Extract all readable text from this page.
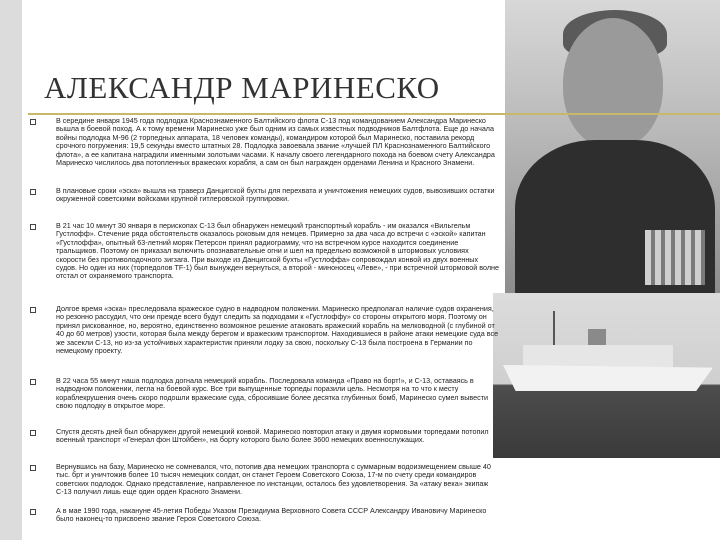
АЛЕКСАНДР МАРИНЕСКО
В середине января 1945 года подлодка Краснознаменного Балтийского флота С-13 под командованием Александра Маринеско вышла в боевой поход. А к тому времени Маринеско уже был одним из самых известных подводников Балтфлота. Еще до начала войны подлодка М-96 (2 торпедных аппарата, 18 человек команды), командиром которой был Маринеско, поставила рекорд срочного погружения: 19,5 секунды вместо штатных 28. Подлодка завоевала звание «лучшей ПЛ Краснознаменного Балтийского флота», а ее капитана наградили именными золотыми часами. К началу своего легендарного похода на боевом счету Александра Маринеско числилось два потопленных вражеских корабля, а сам он был награжден орденами Ленина и Красного Знамени.
В плановые сроки «эска» вышла на траверз Данцигской бухты для перехвата и уничтожения немецких судов, вывозивших остатки окруженной советскими войсками крупной гитлеровской группировки.
В 21 час 10 минут 30 января в перископах С-13 был обнаружен немецкий транспортный корабль - им оказался «Вильгельм Густлофф». Стечение ряда обстоятельств оказалось роковым для немцев. Примерно за два часа до встречи с «эской» капитан «Густлоффа», опытный 63-летний моряк Петерсон принял радиограмму, что на встречном курсе находится соединение тральщиков. Поэтому он приказал включить опознавательные огни и шел на предельно возможной в штормовых условиях скорости без противолодочного зигзага. При выходе из Данцигской бухты «Густлоффа» сопровождал конвой из двух военных судов. Но один из них (торпедолов TF-1) был вынужден вернуться, а второй - миноносец «Леве», - при встречной штормовой волне отстал от охраняемого транспорта.
Долгое время «эска» преследовала вражеское судно в надводном положении. Маринеско предполагал наличие судов охранения, но резонно рассудил, что они прежде всего будут следить за подходами к «Густлоффу» со стороны открытого моря. Поэтому он принял рискованное, но, вероятно, единственно возможное решение атаковать вражеский корабль на мелководной (с глубиной от 40 до 60 метров) узости, которая была между берегом и вражеским транспортом. Находившиеся в районе атаки немецкие суда все же засекли С-13, но из-за устойчивых характеристик приняли лодку за свою, поскольку С-13 была построена в Германии по немецкому проекту.
В 22 часа 55 минут наша подлодка догнала немецкий корабль. Последовала команда «Право на борт!», и С-13, оставаясь в надводном положении, легла на боевой курс. Все три выпущенные торпеды поразили цель. Несмотря на то что к месту кораблекрушения очень скоро подошли вражеские суда, сбросившие более десятка глубинных бомб, Маринеско сумел вывести свою подлодку в открытое море.
Спустя десять дней был обнаружен другой немецкий конвой. Маринеско повторил атаку и двумя кормовыми торпедами потопил военный транспорт «Генерал фон Штойбен», на борту которого было более 3600 немецких военнослужащих.
Вернувшись на базу, Маринеско не сомневался, что, потопив два немецких транспорта с суммарным водоизмещением свыше 40 тыс. брт и уничтожив более 10 тысяч немецких солдат, он станет Героем Советского Союза, 17-м по счету среди командиров советских подлодок. Однако представление, направленное по инстанции, осталось без удовлетворения. За «атаку века» экипаж С-13 получил лишь еще один орден Красного Знамени.
А в мае 1990 года, накануне 45-летия Победы Указом Президиума Верховного Совета СССР Александру Ивановичу Маринеско было наконец-то присвоено звание Героя Советского Союза.
